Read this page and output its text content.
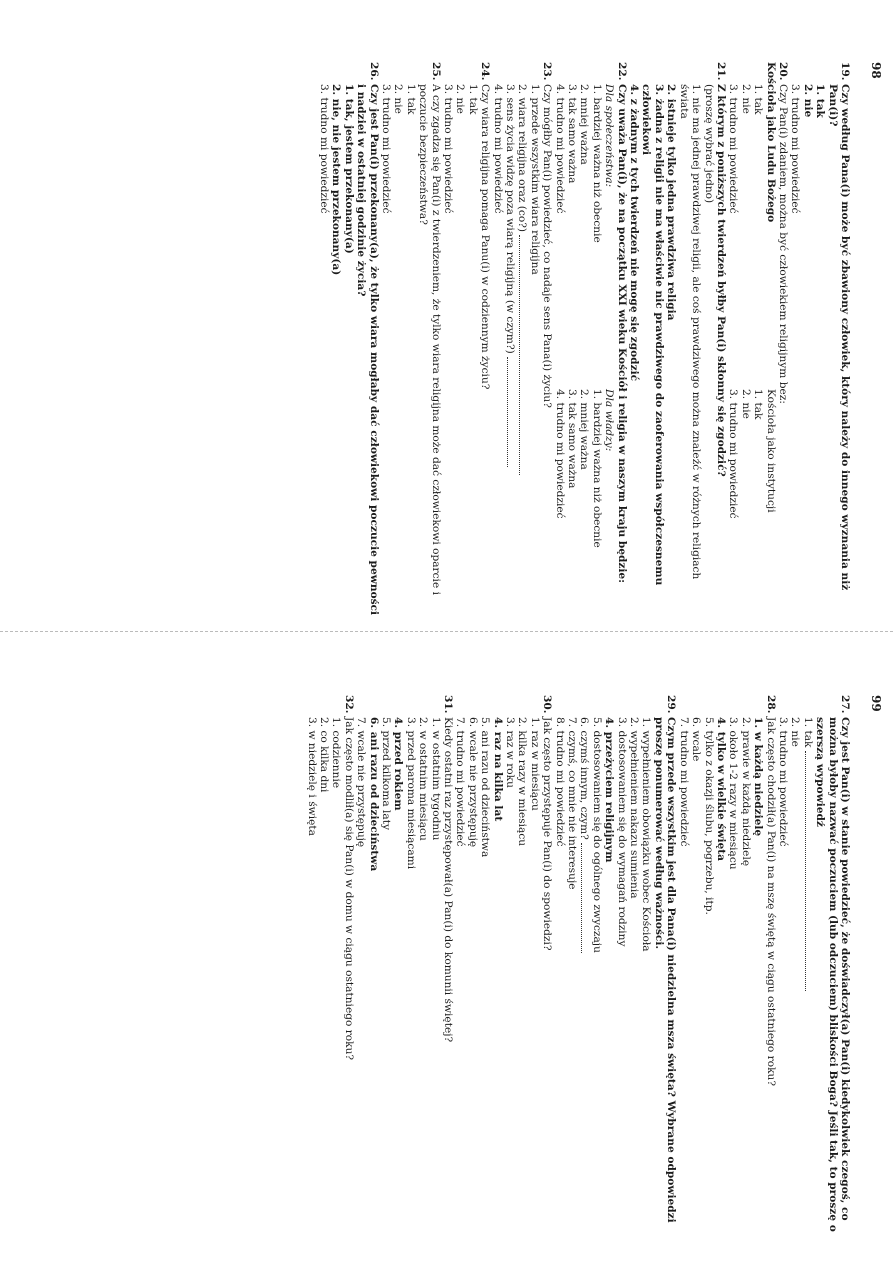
98
99
19.
Czy według Pana(i) może być zbawiony człowiek, który należy do innego wyznania niż Pan(i)?
1. tak
2. nie
3. trudno mi powiedzieć
20.
Czy Pan(i) zdaniem, można być człowiekiem religijnym bez:
Kościoła jako Ludu Bożego
Kościoła jako instytucji
1. tak
1. tak
2. nie
2. nie
3. trudno mi powiedzieć
3. trudno mi powiedzieć
21.
Z którym z poniższych twierdzeń byłby Pan(i) skłonny się zgodzić?
(proszę wybrać jedno)
1. nie ma jednej prawdziwej religii, ale coś prawdziwego można znaleźć w różnych religiach świata
2. istnieje tylko jedna prawdziwa religia
3. żadna z religii nie ma właściwie nic prawdziwego do zaoferowania współczesnemu człowiekowi
4. z żadnym z tych twierdzeń nie mogę się zgodzić
22.
Czy uważa Pan(i), że na początku XXI wieku Kościół i religia w naszym kraju będzie:
Dla społeczeństwa:
Dla władzy:
1. bardziej ważna niż obecnie
1. bardziej ważna niż obecnie
2. mniej ważna
2. mniej ważna
3. tak samo ważna
3. tak samo ważna
4. trudno mi powiedzieć
4. trudno mi powiedzieć
23.
Czy mógłby Pan(i) powiedzieć, co nadaje sens Pana(i) życiu?
1. przede wszystkim wiara religijna
2. wiara religijna oraz (co?)
3. sens życia widzę poza wiarą religijną (w czym?)
4. trudno mi powiedzieć
24.
Czy wiara religijna pomaga Panu(i) w codziennym życiu?
1. tak
2. nie
3. trudno mi powiedzieć
25.
A czy zgadza się Pan(i) z twierdzeniem, że tylko wiara religijna może dać człowiekowi oparcie i poczucie bezpieczeństwa?
1. tak
2. nie
3. trudno mi powiedzieć
26.
Czy jest Pan(i) przekonany(a), że tylko wiara mogłaby dać człowiekowi poczucie pewności i nadziei w ostatniej godzinie życia?
1. tak, jestem przekonany(a)
2. nie, nie jestem przekonany(a)
3. trudno mi powiedzieć
27.
Czy jest Pan(i) w stanie powiedzieć, że doświadczył(a) Pan(i) kiedykolwiek czegoś, co można byłoby nazwać poczuciem (lub odczuciem) bliskości Boga? Jeśli tak, to proszę o szerszą wypowiedź
1. tak
2. nie
3. trudno mi powiedzieć
28.
Jak często chodził(a) Pan(i) na mszę świętą w ciągu ostatniego roku?
1. w każdą niedzielę
2. prawie w każdą niedzielę
3. około 1-2 razy w miesiącu
4. tylko w wielkie święta
5. tylko z okazji ślubu, pogrzebu, itp.
6. wcale
7. trudno mi powiedzieć
29.
Czym przede wszystkim jest dla Pana(i) niedzielna msza święta? Wybrane odpowiedzi proszę ponumerować według ważności.
1. wypełnieniem obowiązku wobec Kościoła
2. wypełnieniem nakazu sumienia
3. dostosowaniem się do wymagań rodziny
4. przeżyciem religijnym
5. dostosowaniem się do ogólnego zwyczaju
6. czymś innym, czym?
7. czymś, co mnie nie interesuje
8. trudno mi powiedzieć
30.
Jak często przystępuje Pan(i) do spowiedzi?
1. raz w miesiącu
2. kilka razy w miesiącu
3. raz w roku
4. raz na kilka lat
5. ani razu od dzieciństwa
6. wcale nie przystępuję
7. trudno mi powiedzieć
31.
Kiedy ostatni raz przystępował(a) Pan(i) do komunii świętej?
1. w ostatnim tygodniu
2. w ostatnim miesiącu
3. przed paroma miesiącami
4. przed rokiem
5. przed kilkoma laty
6. ani razu od dzieciństwa
7. wcale nie przystępuję
32.
Jak często modlił(a) się Pan(i) w domu w ciągu ostatniego roku?
1. codziennie
2. co kilka dni
3. w niedzielę i święta
